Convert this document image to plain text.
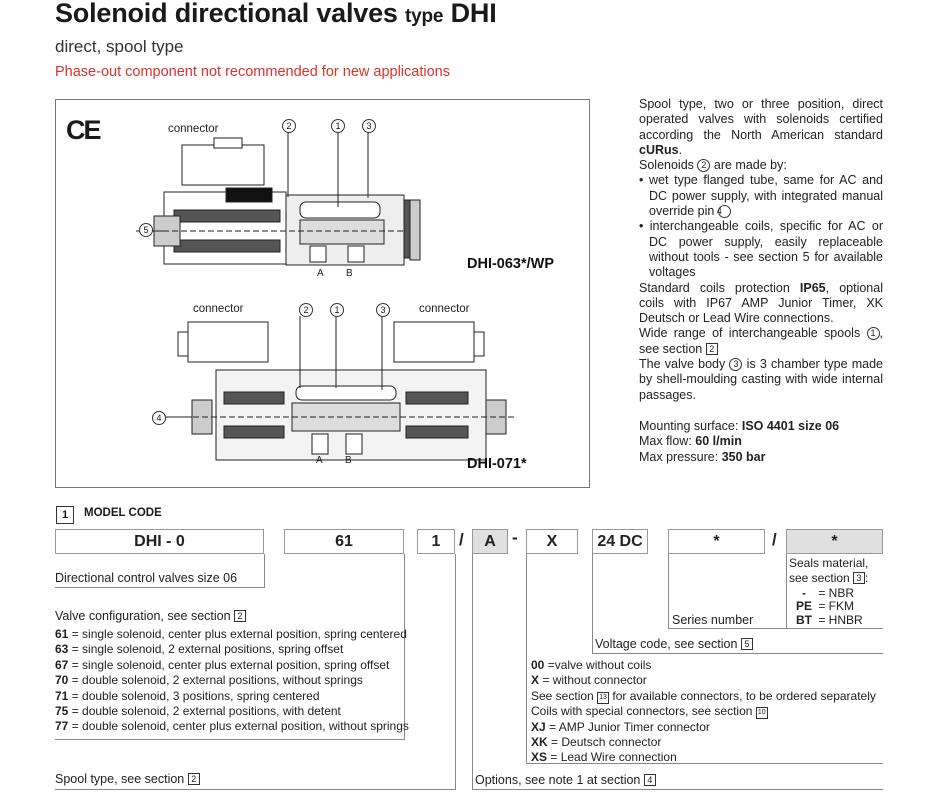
Solenoid directional valves type DHI
direct, spool type
Phase-out component not recommended for new applications
CE	connector	2	1	3
5
A B
DHI-063*/WP
connector	connector
2	1	3
4
A B	DHI-071*

Spool type, two or three position, direct operated valves with solenoids certified according the North American standard cURus.

Solenoids 2 are made by:

• wet type flanged tube, same for AC and DC power supply, with integrated manual override pin 4

• interchangeable coils, specific for AC or DC power supply, easily replaceable without tools - see section 5 for available voltages

Standard coils protection IP65, optional coils with IP67 AMP Junior Timer, XK Deutsch or Lead Wire connections.

Wide range of interchangeable spools 1 , see section 2

The valve body 3 is 3 chamber type made by shell-moulding casting with wide internal passages.

Mounting surface: ISO 4401 size 06

Max flow: 60 l/min

Max pressure: 350 bar

1	MODEL CODE
DHI - 0	61	1	/	A -	X	24 DC	*	/	*
Directional control valves size 06
Valve configuration, see section 2
61 = single solenoid, center plus external position, spring centered
63 = single solenoid, 2 external positions, spring offset
67 = single solenoid, center plus external position, spring offset
70 = double solenoid, 2 external positions, without springs
71 = double solenoid, 3 positions, spring centered
75 = double solenoid, 2 external positions, with detent
77 = double solenoid, center plus external position, without springs
Spool type, see section 2
Seals material,
see section 3 :
- = NBR
PE = FKM
BT = HNBR
Series number
Voltage code, see section 5
00 =valve without coils
X = without connector
See section 13 for available connectors, to be ordered separately
Coils with special connectors, see section 10
XJ = AMP Junior Timer connector
XK = Deutsch connector
XS = Lead Wire connection
Options, see note 1 at section 4
